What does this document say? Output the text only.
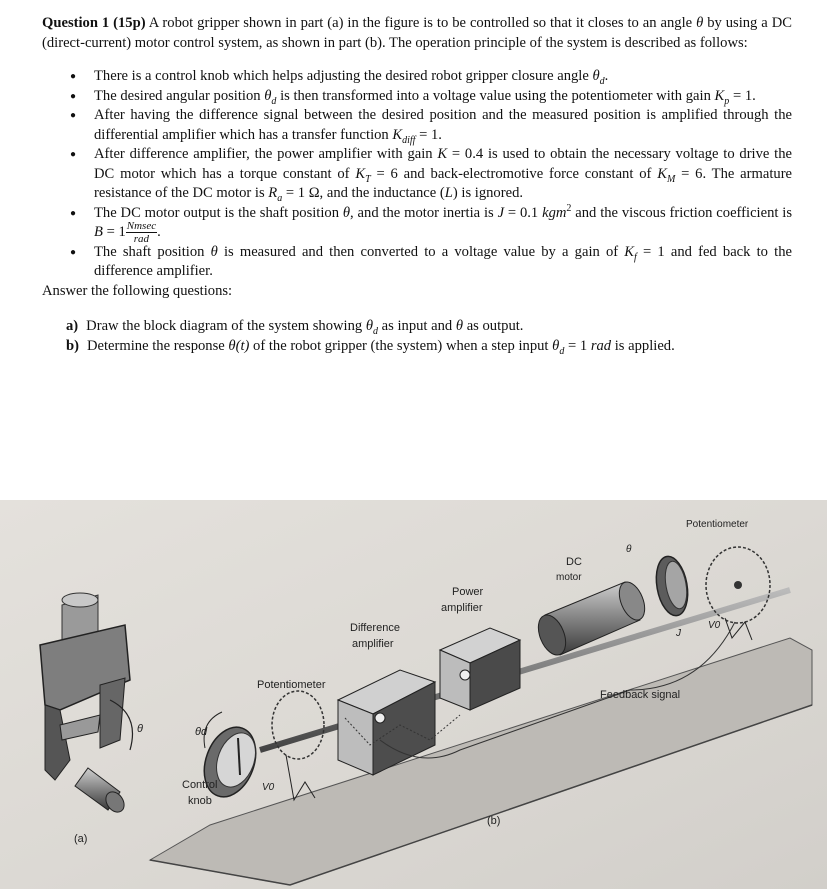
Question 1 (15p) A robot gripper shown in part (a) in the figure is to be controlled so that it closes to an angle θ by using a DC (direct-current) motor control system, as shown in part (b). The operation principle of the system is described as follows:

● There is a control knob which helps adjusting the desired robot gripper closure angle $\theta_d$.
● The desired angular position $\theta_d$ is then transformed into a voltage value using the potentiometer with gain $K_p = 1$.
● After having the difference signal between the desired position and the measured position is amplified through the differential amplifier which has a transfer function $K_{diff} = 1$.
● After difference amplifier, the power amplifier with gain K = 0.4 is used to obtain the necessary voltage to drive the DC motor which has a torque constant of $K_T = 6$ and back-electromotive force constant of $K_M = 6$. The armature resistance of the DC motor is $R_a = 1$ Ω, and the inductance (L) is ignored.
● The DC motor output is the shaft position θ, and the motor inertia is J = 0.1 kgm$^2$ and the viscous friction coefficient is $B = 1 \frac{Nmsec}{\text{rad}}$ .
● The shaft position θ is measured and then converted to a voltage value by a gain of $K_f = 1$ and fed back to the difference amplifier.

Answer the following questions:

a) Draw the block diagram of the system showing $\theta_d$ as input and θ as output.
b) Determine the response θ(t) of the robot gripper (the system) when a step input $\theta_d = 1$ rad is applied.
θ
Potentiometer
DC
motor
θ
Power
amplifier
Difference
amplifier
Potentiometer
Feedback signal
θd
Control
knob
V0
V0
J
(a)
(b)
